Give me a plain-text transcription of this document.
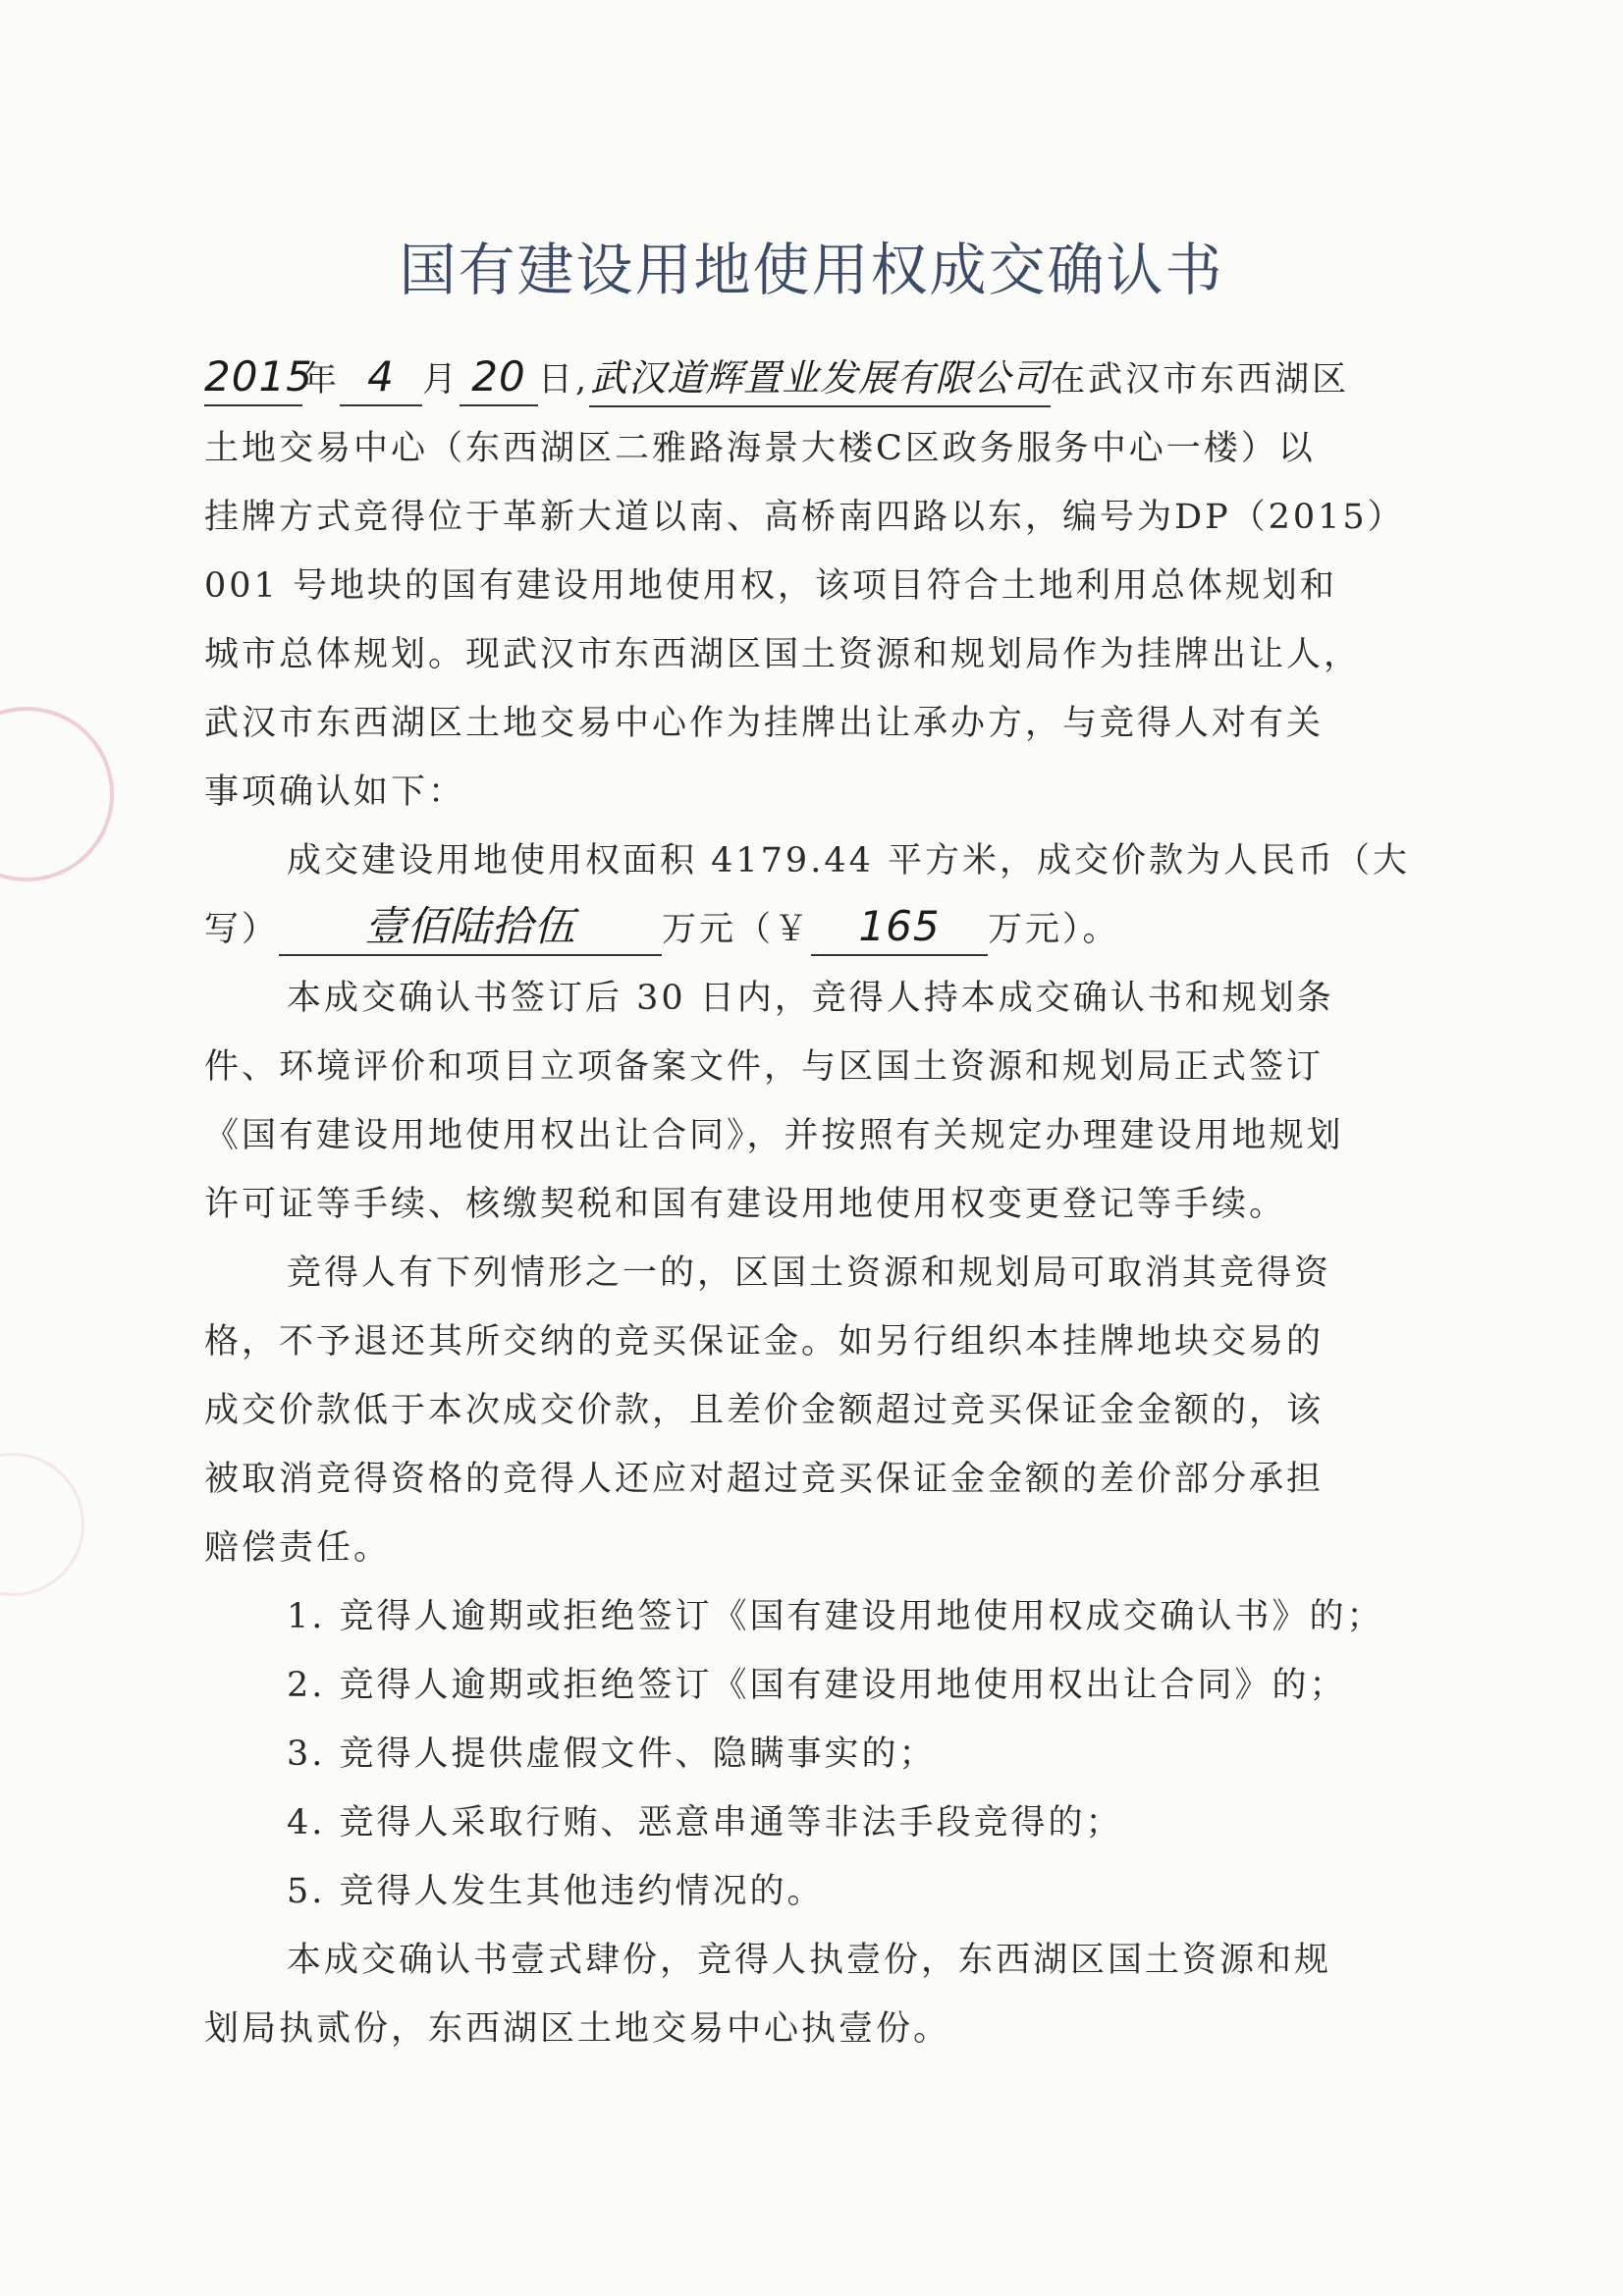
国有建设用地使用权成交确认书
2015年 4 月 20 日,武汉道辉置业发展有限公司在武汉市东西湖区
土地交易中心（东西湖区二雅路海景大楼C区政务服务中心一楼）以
挂牌方式竞得位于革新大道以南、高桥南四路以东，编号为DP（2015）
001 号地块的国有建设用地使用权，该项目符合土地利用总体规划和
城市总体规划。现武汉市东西湖区国土资源和规划局作为挂牌出让人，
武汉市东西湖区土地交易中心作为挂牌出让承办方，与竞得人对有关
事项确认如下：
成交建设用地使用权面积 4179.44 平方米，成交价款为人民币（大
写） 壹佰陆拾伍	万元（￥ 165 万元）。
本成交确认书签订后 30 日内，竞得人持本成交确认书和规划条
件、环境评价和项目立项备案文件，与区国土资源和规划局正式签订
《国有建设用地使用权出让合同》，并按照有关规定办理建设用地规划
许可证等手续、核缴契税和国有建设用地使用权变更登记等手续。
竞得人有下列情形之一的，区国土资源和规划局可取消其竞得资
格，不予退还其所交纳的竞买保证金。如另行组织本挂牌地块交易的
成交价款低于本次成交价款，且差价金额超过竞买保证金金额的，该
被取消竞得资格的竞得人还应对超过竞买保证金金额的差价部分承担
赔偿责任。
1. 竞得人逾期或拒绝签订《国有建设用地使用权成交确认书》的；
2. 竞得人逾期或拒绝签订《国有建设用地使用权出让合同》的；
3. 竞得人提供虚假文件、隐瞒事实的；
4. 竞得人采取行贿、恶意串通等非法手段竞得的；
5. 竞得人发生其他违约情况的。
本成交确认书壹式肆份，竞得人执壹份，东西湖区国土资源和规
划局执贰份，东西湖区土地交易中心执壹份。
